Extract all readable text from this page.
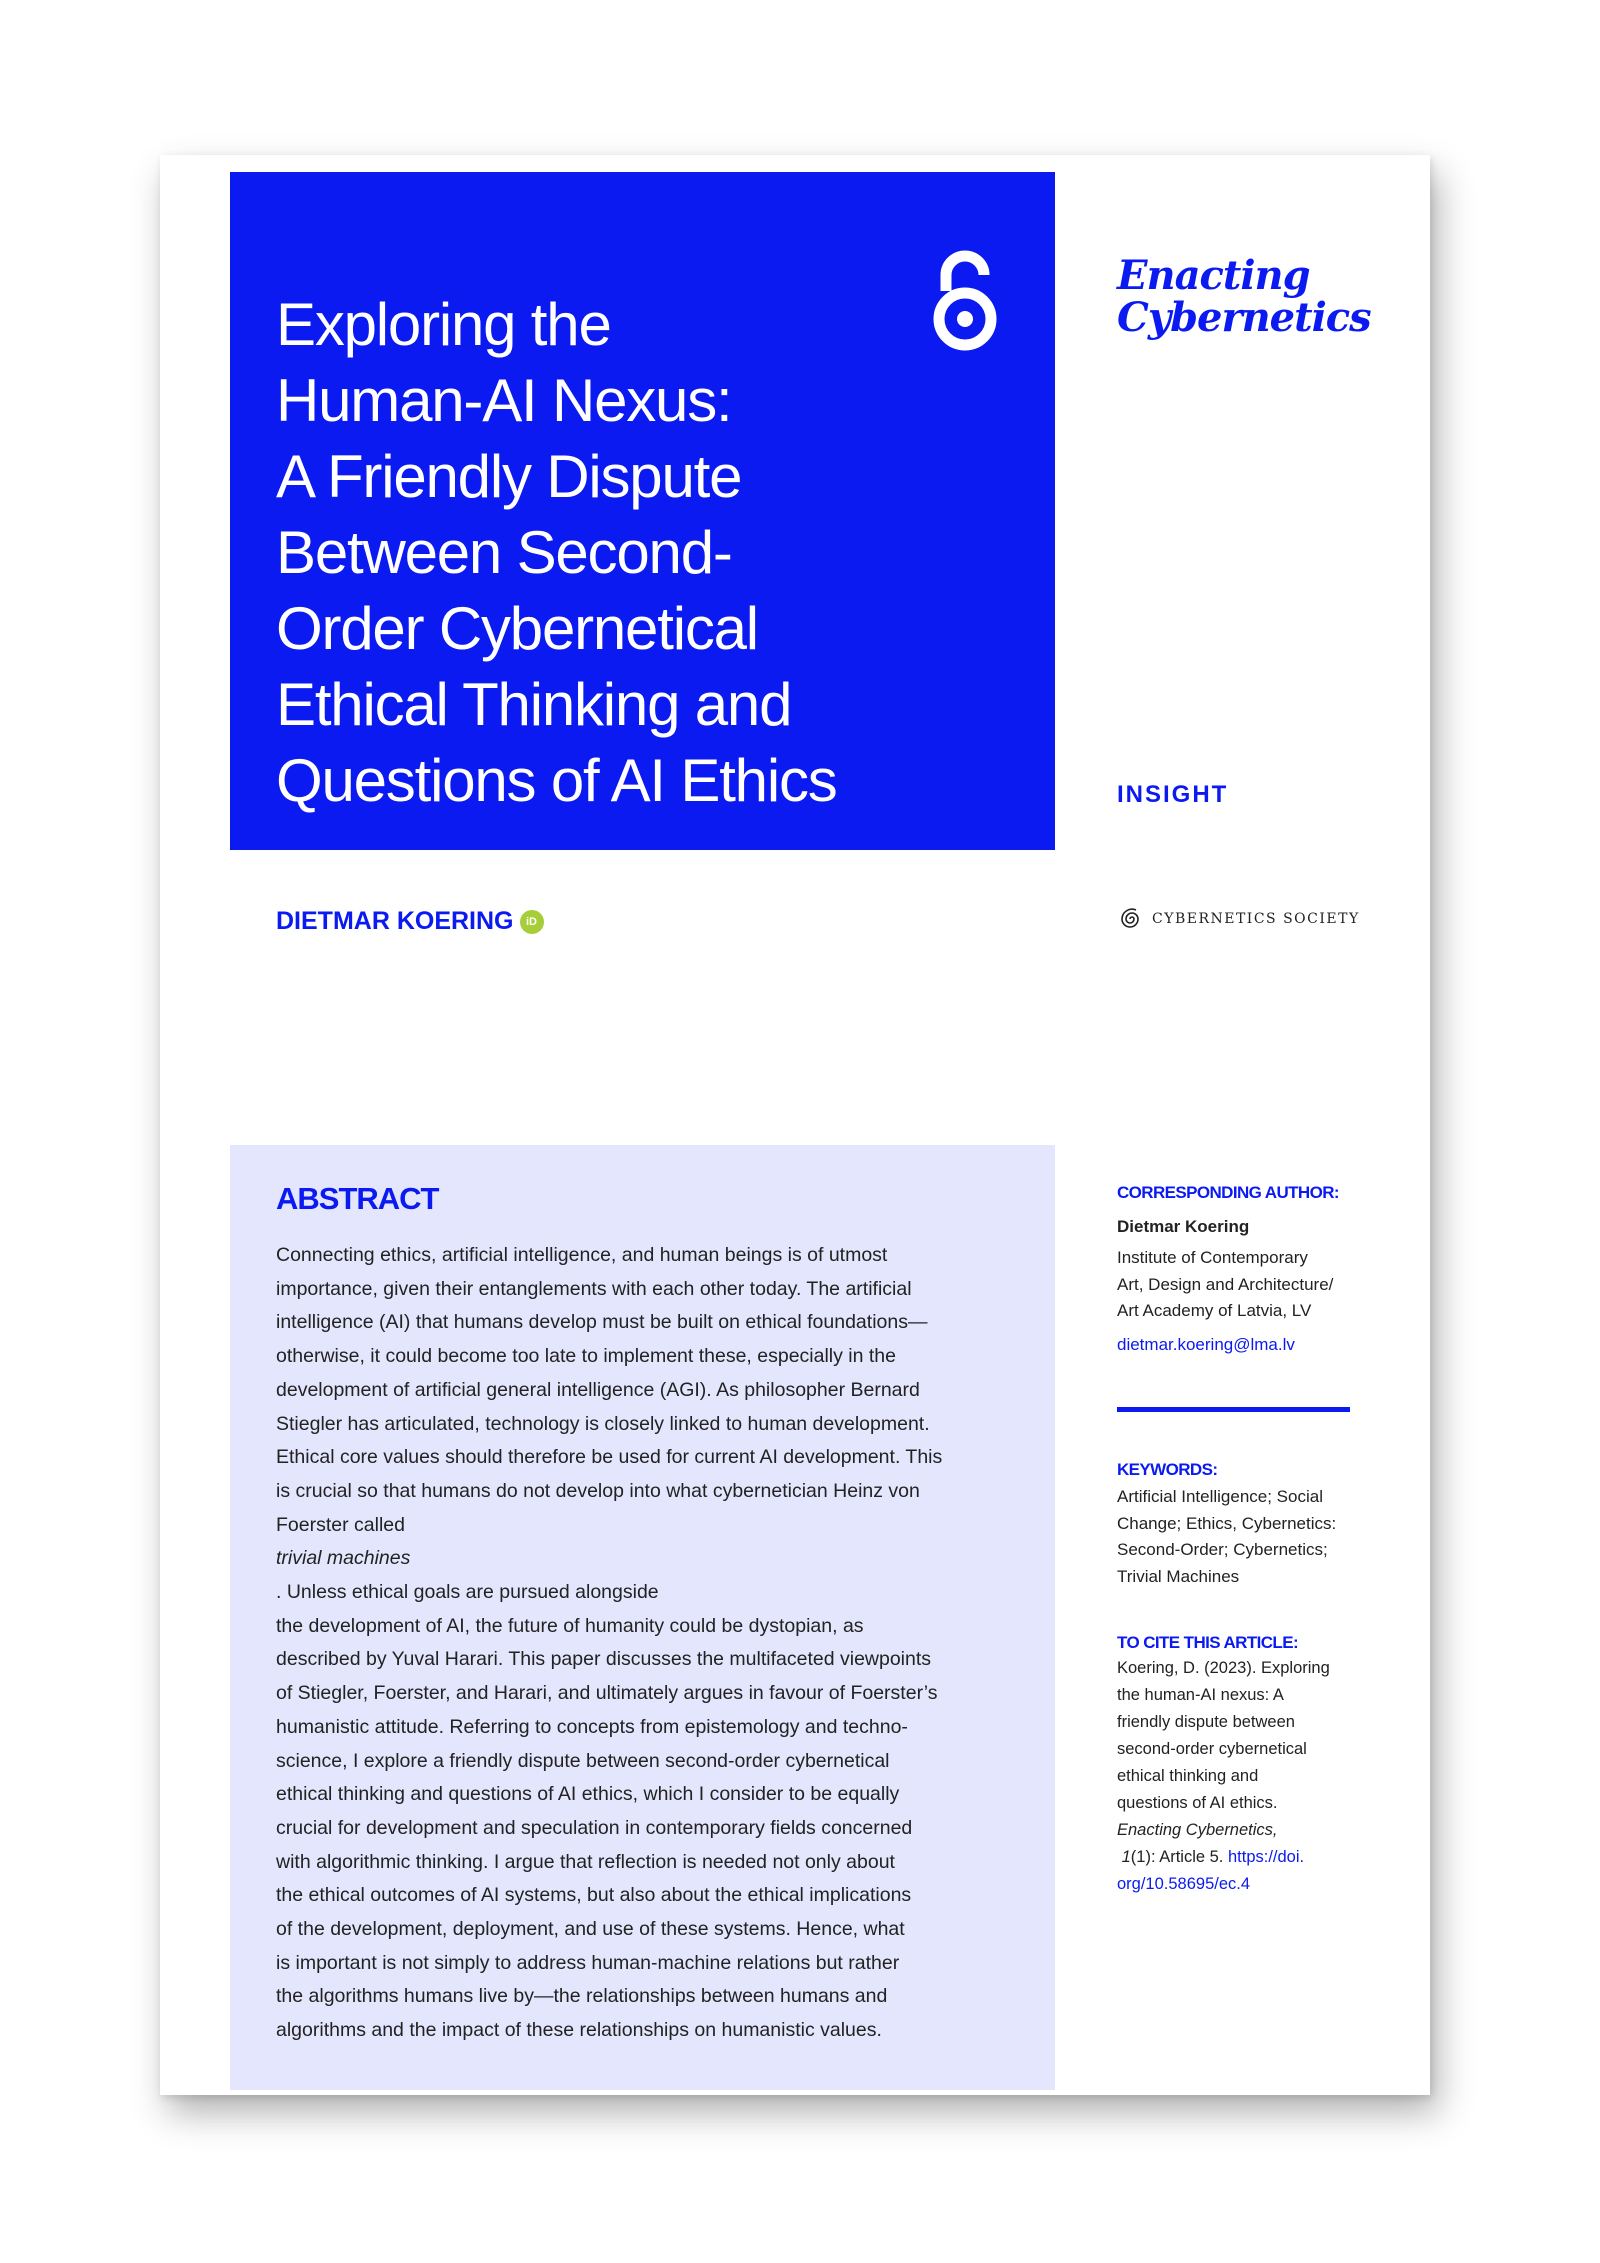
Exploring the
Human-AI Nexus:
A Friendly Dispute
Between Second-
Order Cybernetical
Ethical Thinking and
Questions of AI Ethics
Enacting
Cybernetics
INSIGHT
DIETMAR KOERING iD	CYBERNETICS SOCIETY
ABSTRACT

Connecting ethics, artificial intelligence, and human beings is of utmost
importance, given their entanglements with each other today. The artificial
intelligence (AI) that humans develop must be built on ethical foundations—
otherwise, it could become too late to implement these, especially in the
development of artificial general intelligence (AGI). As philosopher Bernard
Stiegler has articulated, technology is closely linked to human development.
Ethical core values should therefore be used for current AI development. This
is crucial so that humans do not develop into what cybernetician Heinz von
Foerster called
trivial machines
. Unless ethical goals are pursued alongside
the development of AI, the future of humanity could be dystopian, as
described by Yuval Harari. This paper discusses the multifaceted viewpoints
of Stiegler, Foerster, and Harari, and ultimately argues in favour of Foerster’s
humanistic attitude. Referring to concepts from epistemology and techno-
science, I explore a friendly dispute between second-order cybernetical
ethical thinking and questions of AI ethics, which I consider to be equally
crucial for development and speculation in contemporary fields concerned
with algorithmic thinking. I argue that reflection is needed not only about
the ethical outcomes of AI systems, but also about the ethical implications
of the development, deployment, and use of these systems. Hence, what
is important is not simply to address human-machine relations but rather
the algorithms humans live by—the relationships between humans and
algorithms and the impact of these relationships on humanistic values.

CORRESPONDING AUTHOR:
Dietmar Koering
Institute of Contemporary
Art, Design and Architecture/
Art Academy of Latvia, LV
dietmar.koering@lma.lv
KEYWORDS:
Artificial Intelligence; Social
Change; Ethics, Cybernetics:
Second-Order; Cybernetics;
Trivial Machines
TO CITE THIS ARTICLE:
Koering, D. (2023). Exploring
the human-AI nexus: A
friendly dispute between
second-order cybernetical
ethical thinking and
questions of AI ethics.
Enacting Cybernetics,
1(1): Article 5. https://doi.
org/10.58695/ec.4
